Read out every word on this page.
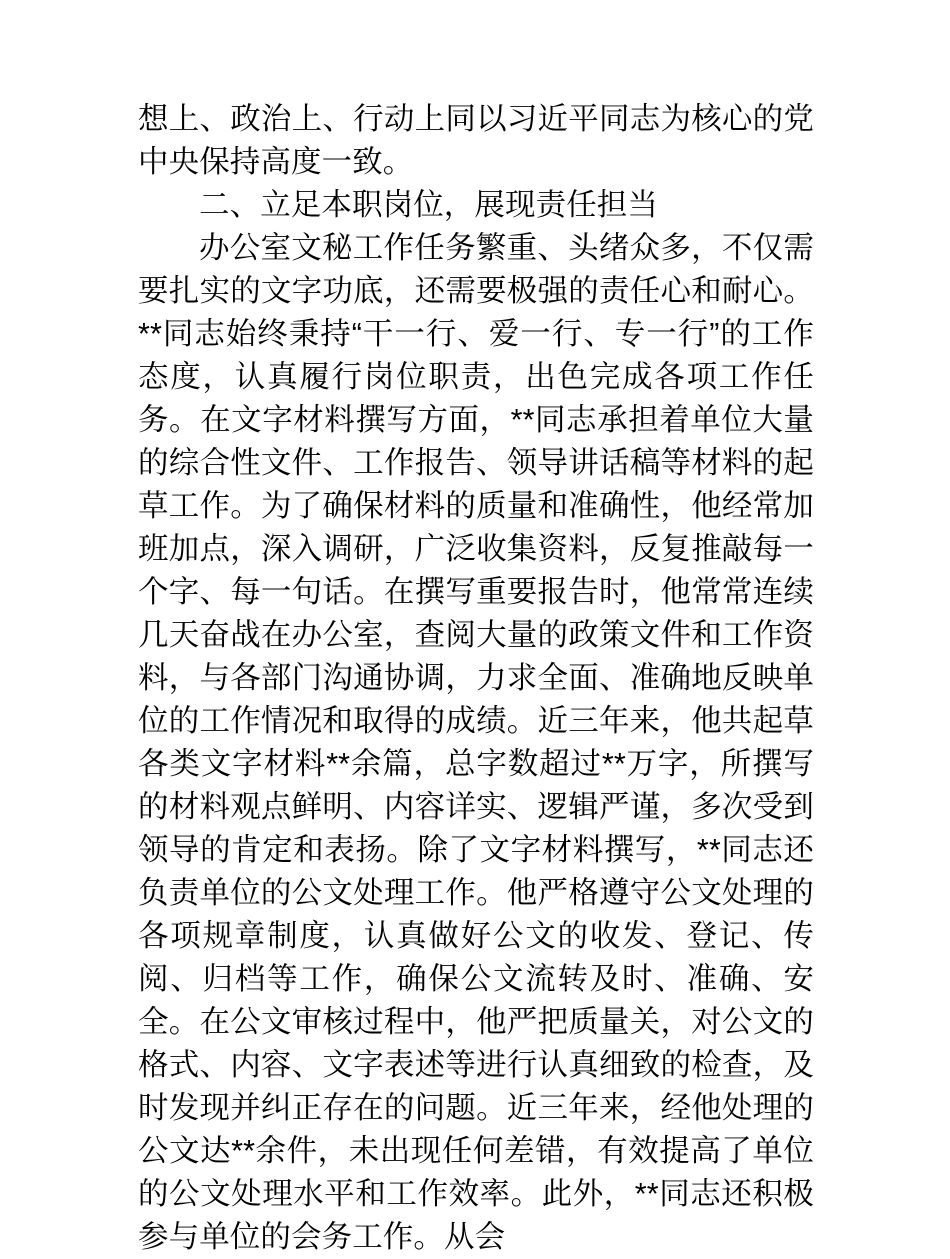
想上、政治上、行动上同以习近平同志为核心的党中央保持高度一致。

二、立足本职岗位，展现责任担当

办公室文秘工作任务繁重、头绪众多，不仅需要扎实的文字功底，还需要极强的责任心和耐心。**同志始终秉持“干一行、爱一行、专一行”的工作态度，认真履行岗位职责，出色完成各项工作任务。在文字材料撰写方面，**同志承担着单位大量的综合性文件、工作报告、领导讲话稿等材料的起草工作。为了确保材料的质量和准确性，他经常加班加点，深入调研，广泛收集资料，反复推敲每一个字、每一句话。在撰写重要报告时，他常常连续几天奋战在办公室，查阅大量的政策文件和工作资料，与各部门沟通协调，力求全面、准确地反映单位的工作情况和取得的成绩。近三年来，他共起草各类文字材料**余篇，总字数超过**万字，所撰写的材料观点鲜明、内容详实、逻辑严谨，多次受到领导的肯定和表扬。除了文字材料撰写，**同志还负责单位的公文处理工作。他严格遵守公文处理的各项规章制度，认真做好公文的收发、登记、传阅、归档等工作，确保公文流转及时、准确、安全。在公文审核过程中，他严把质量关，对公文的格式、内容、文字表述等进行认真细致的检查，及时发现并纠正存在的问题。近三年来，经他处理的公文达**余件，未出现任何差错，有效提高了单位的公文处理水平和工作效率。此外，**同志还积极参与单位的会务工作。从会
